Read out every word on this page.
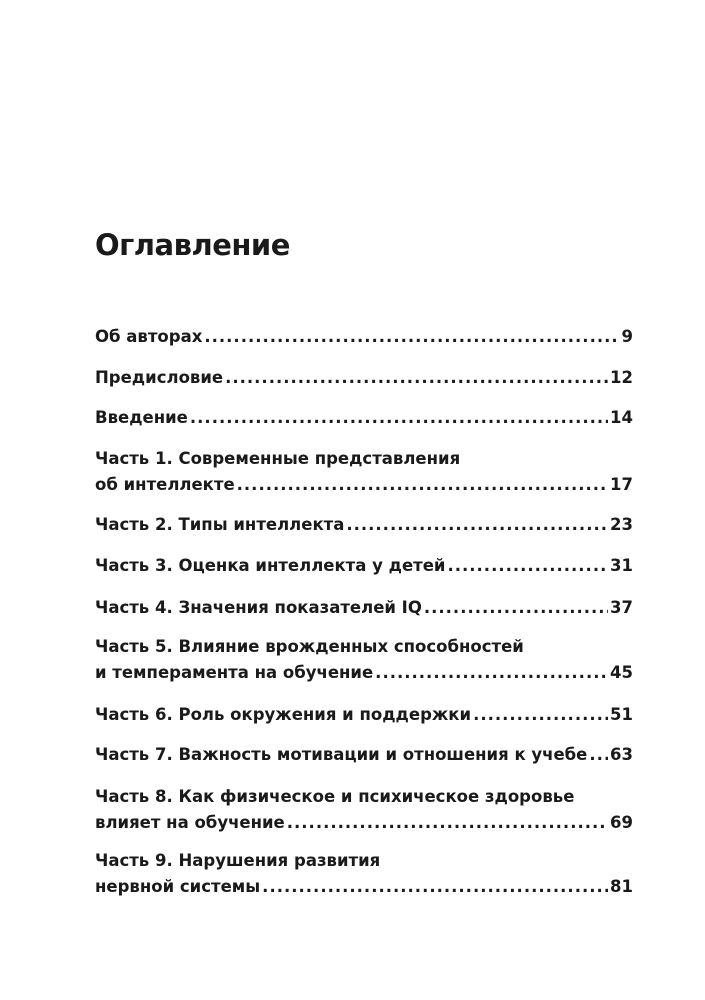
Оглавление
Об авторах .....	9
Предисловие .....	12
Введение .....	14
Часть 1. Современные представления
об интеллекте .....	17
Часть 2. Типы интеллекта .....	23
Часть 3. Оценка интеллекта у детей .....	31
Часть 4. Значения показателей IQ .....	37
Часть 5. Влияние врожденных способностей
и темперамента на обучение .....	45
Часть 6. Роль окружения и поддержки .....	51
Часть 7. Важность мотивации и отношения к учебе ..... 63
Часть 8. Как физическое и психическое здоровье
влияет на обучение .....	69
Часть 9. Нарушения развития
нервной системы .....	81
